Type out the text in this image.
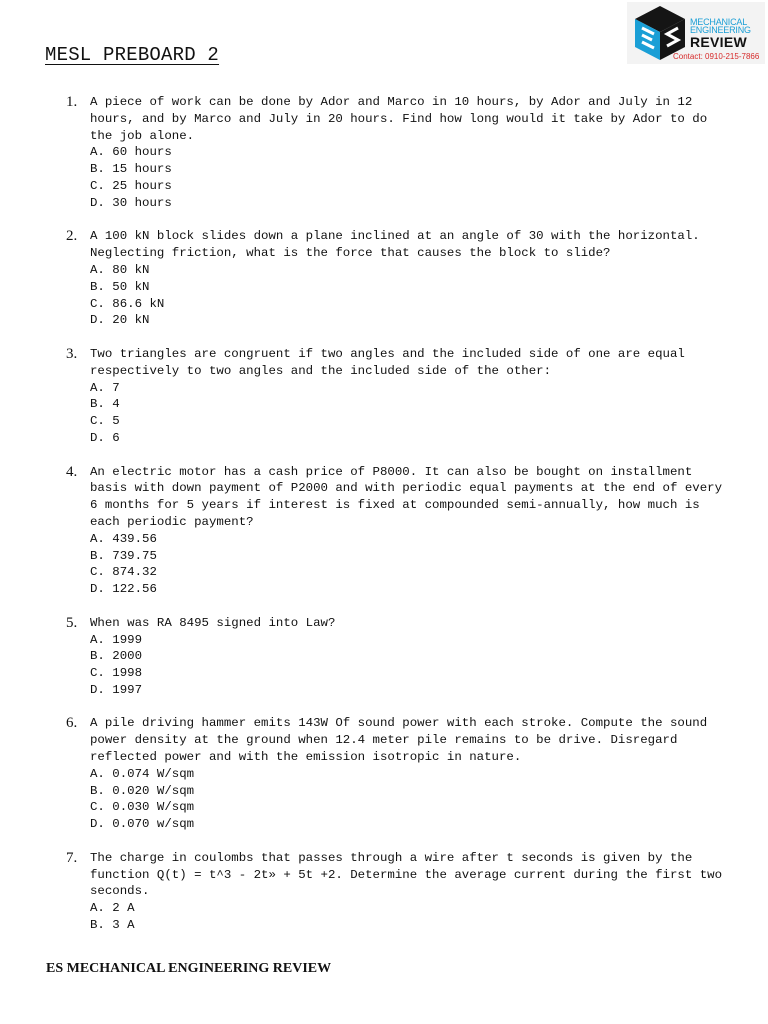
MESL PREBOARD 2
MECHANICAL
ENGINEERING
REVIEW
Contact: 0910-215-7866
1.	A piece of work can be done by Ador and Marco in 10 hours, by Ador and July in 12 hours, and by Marco and July in 20 hours. Find how long would it take by Ador to do the job alone.
A. 60 hours
B. 15 hours
C. 25 hours
D. 30 hours
2.	A 100 kN block slides down a plane inclined at an angle of 30 with the horizontal. Neglecting friction, what is the force that causes the block to slide?
A. 80 kN
B. 50 kN
C. 86.6 kN
D. 20 kN
3.	Two triangles are congruent if two angles and the included side of one are equal respectively to two angles and the included side of the other:
A. 7
B. 4
C. 5
D. 6
4.	An electric motor has a cash price of P8000. It can also be bought on installment basis with down payment of P2000 and with periodic equal payments at the end of every 6 months for 5 years if interest is fixed at compounded semi-annually, how much is each periodic payment?
A. 439.56
B. 739.75
C. 874.32
D. 122.56
5.	When was RA 8495 signed into Law?
A. 1999
B. 2000
C. 1998
D. 1997
6.	A pile driving hammer emits 143W Of sound power with each stroke. Compute the sound power density at the ground when 12.4 meter pile remains to be drive. Disregard reflected power and with the emission isotropic in nature.
A. 0.074 W/sqm
B. 0.020 W/sqm
C. 0.030 W/sqm
D. 0.070 w/sqm
7.	The charge in coulombs that passes through a wire after t seconds is given by the function Q(t) = t^3 - 2t» + 5t +2. Determine the average current during the first two seconds.
A. 2 A
B. 3 A
ES MECHANICAL ENGINEERING REVIEW
